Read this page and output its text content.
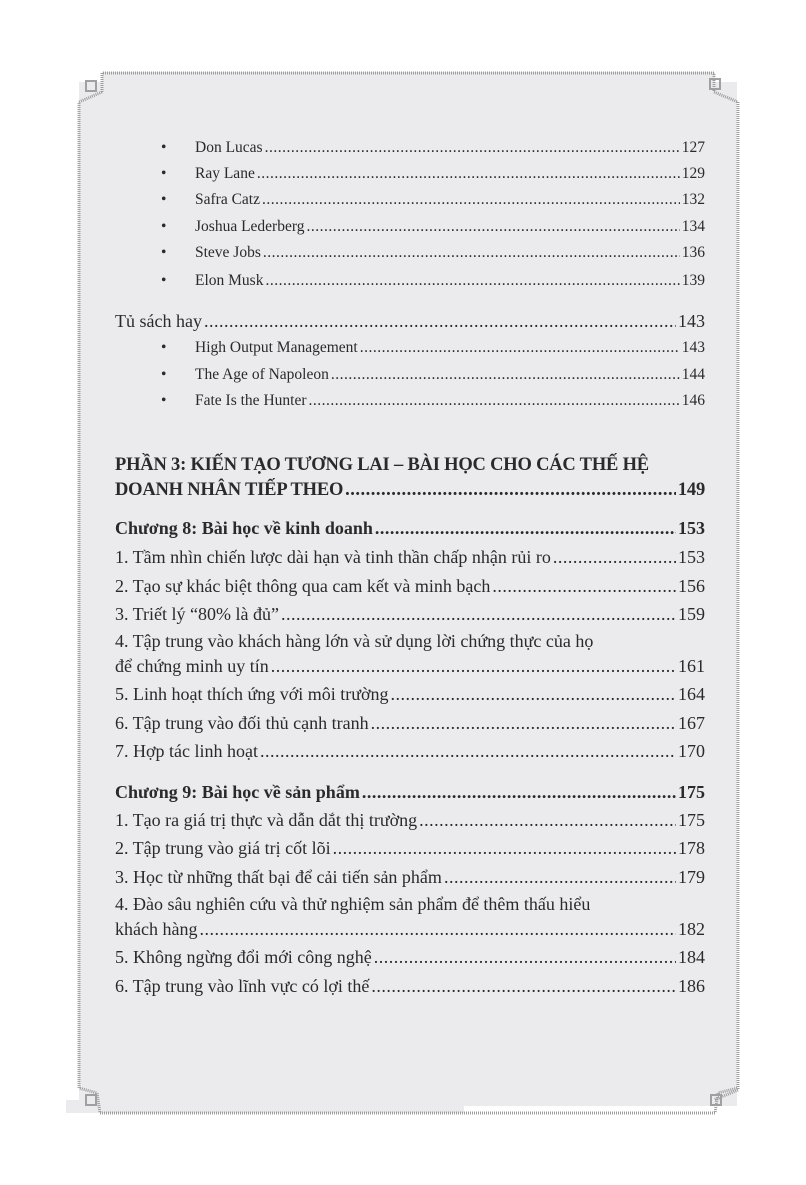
• Don Lucas .....	127
• Ray Lane .....	129
• Safra Catz .....	132
• Joshua Lederberg .....	134
• Steve Jobs .....	136
• Elon Musk .....	139
Tủ sách hay .....	143
• High Output Management .....	143
• The Age of Napoleon .....	144
• Fate Is the Hunter .....	146
PHẦN 3: KIẾN TẠO TƯƠNG LAI – BÀI HỌC CHO CÁC THẾ HỆ
DOANH NHÂN TIẾP THEO .....	149
Chương 8: Bài học về kinh doanh .....	153
1. Tầm nhìn chiến lược dài hạn và tinh thần chấp nhận rủi ro .....	153
2. Tạo sự khác biệt thông qua cam kết và minh bạch .....	156
3. Triết lý “80% là đủ” .....	159
4. Tập trung vào khách hàng lớn và sử dụng lời chứng thực của họ
để chứng minh uy tín .....	161
5. Linh hoạt thích ứng với môi trường .....	164
6. Tập trung vào đối thủ cạnh tranh .....	167
7. Hợp tác linh hoạt .....	170
Chương 9: Bài học về sản phẩm .....	175
1. Tạo ra giá trị thực và dẫn dắt thị trường .....	175
2. Tập trung vào giá trị cốt lõi .....	178
3. Học từ những thất bại để cải tiến sản phẩm .....	179
4. Đào sâu nghiên cứu và thử nghiệm sản phẩm để thêm thấu hiểu
khách hàng .....	182
5. Không ngừng đổi mới công nghệ .....	184
6. Tập trung vào lĩnh vực có lợi thế .....	186
